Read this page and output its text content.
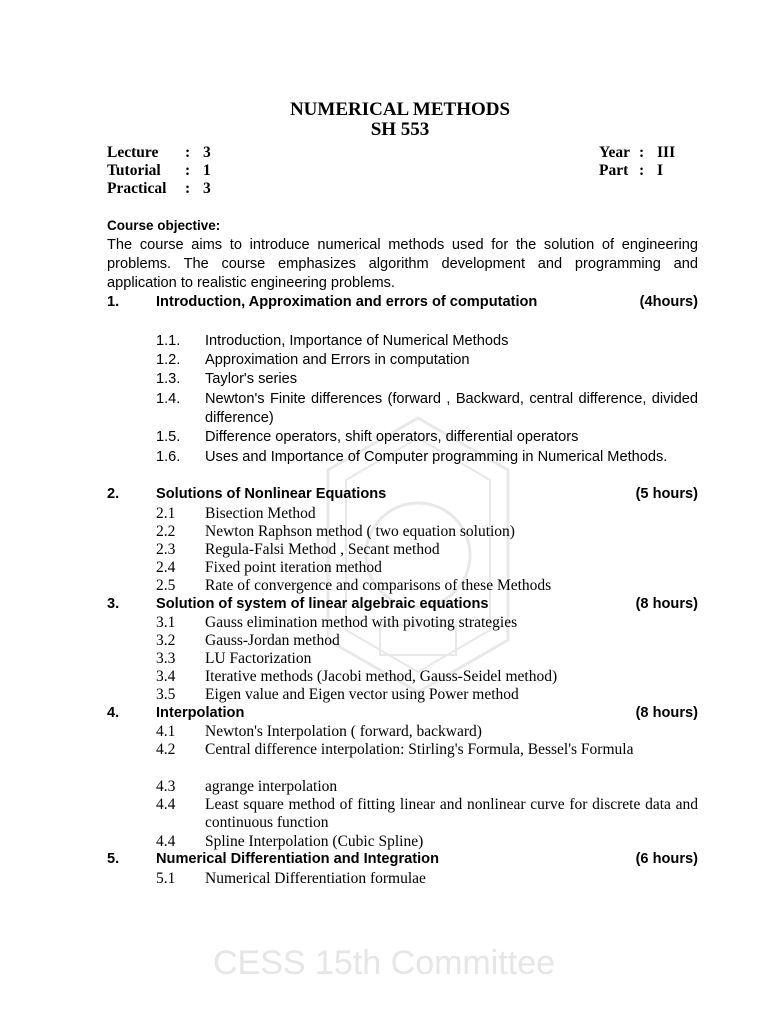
NUMERICAL METHODS
SH 553
Lecture	: 3
Tutorial	: 1
Practical	: 3
Year : III
Part : I
Course objective:
The course aims to introduce numerical methods used for the solution of engineering problems. The course emphasizes algorithm development and programming and application to realistic engineering problems.
1.	Introduction, Approximation and errors of computation	(4hours)
1.1.	Introduction, Importance of Numerical Methods
1.2.	Approximation and Errors in computation
1.3.	Taylor's series
1.4.	Newton's Finite differences (forward , Backward, central difference, divided difference)
1.5.	Difference operators, shift operators, differential operators
1.6.	Uses and Importance of Computer programming in Numerical Methods.
2.	Solutions of Nonlinear Equations	(5 hours)
2.1	Bisection Method
2.2	Newton Raphson method ( two equation solution)
2.3	Regula-Falsi Method , Secant method
2.4	Fixed point iteration method
2.5	Rate of convergence and comparisons of these Methods
3.	Solution of system of linear algebraic equations	(8 hours)
3.1	Gauss elimination method with pivoting strategies
3.2	Gauss-Jordan method
3.3	LU Factorization
3.4	Iterative methods (Jacobi method, Gauss-Seidel method)
3.5	Eigen value and Eigen vector using Power method
4.	Interpolation	(8 hours)
4.1	Newton's Interpolation ( forward, backward)
4.2	Central difference interpolation: Stirling's Formula, Bessel's Formula
4.3	agrange interpolation
4.4	Least square method of fitting linear and nonlinear curve for discrete data and continuous function
4.4	Spline Interpolation (Cubic Spline)
5.	Numerical Differentiation and Integration	(6 hours)
5.1	Numerical Differentiation formulae
CESS 15th Committee
